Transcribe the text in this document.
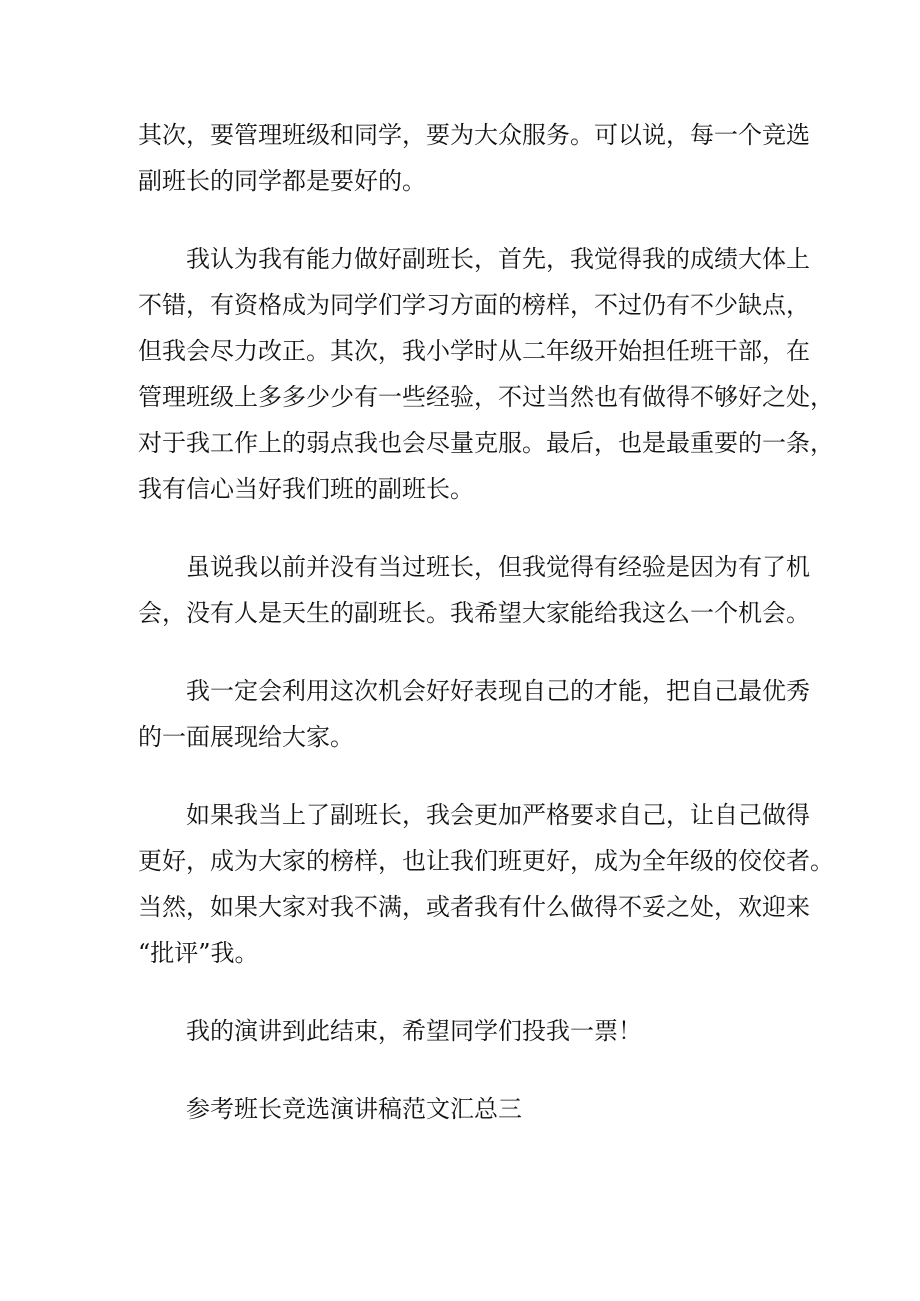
其次，要管理班级和同学，要为大众服务。可以说，每一个竞选
副班长的同学都是要好的。
我认为我有能力做好副班长，首先，我觉得我的成绩大体上
不错，有资格成为同学们学习方面的榜样，不过仍有不少缺点，
但我会尽力改正。其次，我小学时从二年级开始担任班干部，在
管理班级上多多少少有一些经验，不过当然也有做得不够好之处，
对于我工作上的弱点我也会尽量克服。最后，也是最重要的一条，
我有信心当好我们班的副班长。
虽说我以前并没有当过班长，但我觉得有经验是因为有了机
会，没有人是天生的副班长。我希望大家能给我这么一个机会。
我一定会利用这次机会好好表现自己的才能，把自己最优秀
的一面展现给大家。
如果我当上了副班长，我会更加严格要求自己，让自己做得
更好，成为大家的榜样，也让我们班更好，成为全年级的佼佼者。
当然，如果大家对我不满，或者我有什么做得不妥之处，欢迎来
“批评”我。
我的演讲到此结束，希望同学们投我一票！
参考班长竞选演讲稿范文汇总三
